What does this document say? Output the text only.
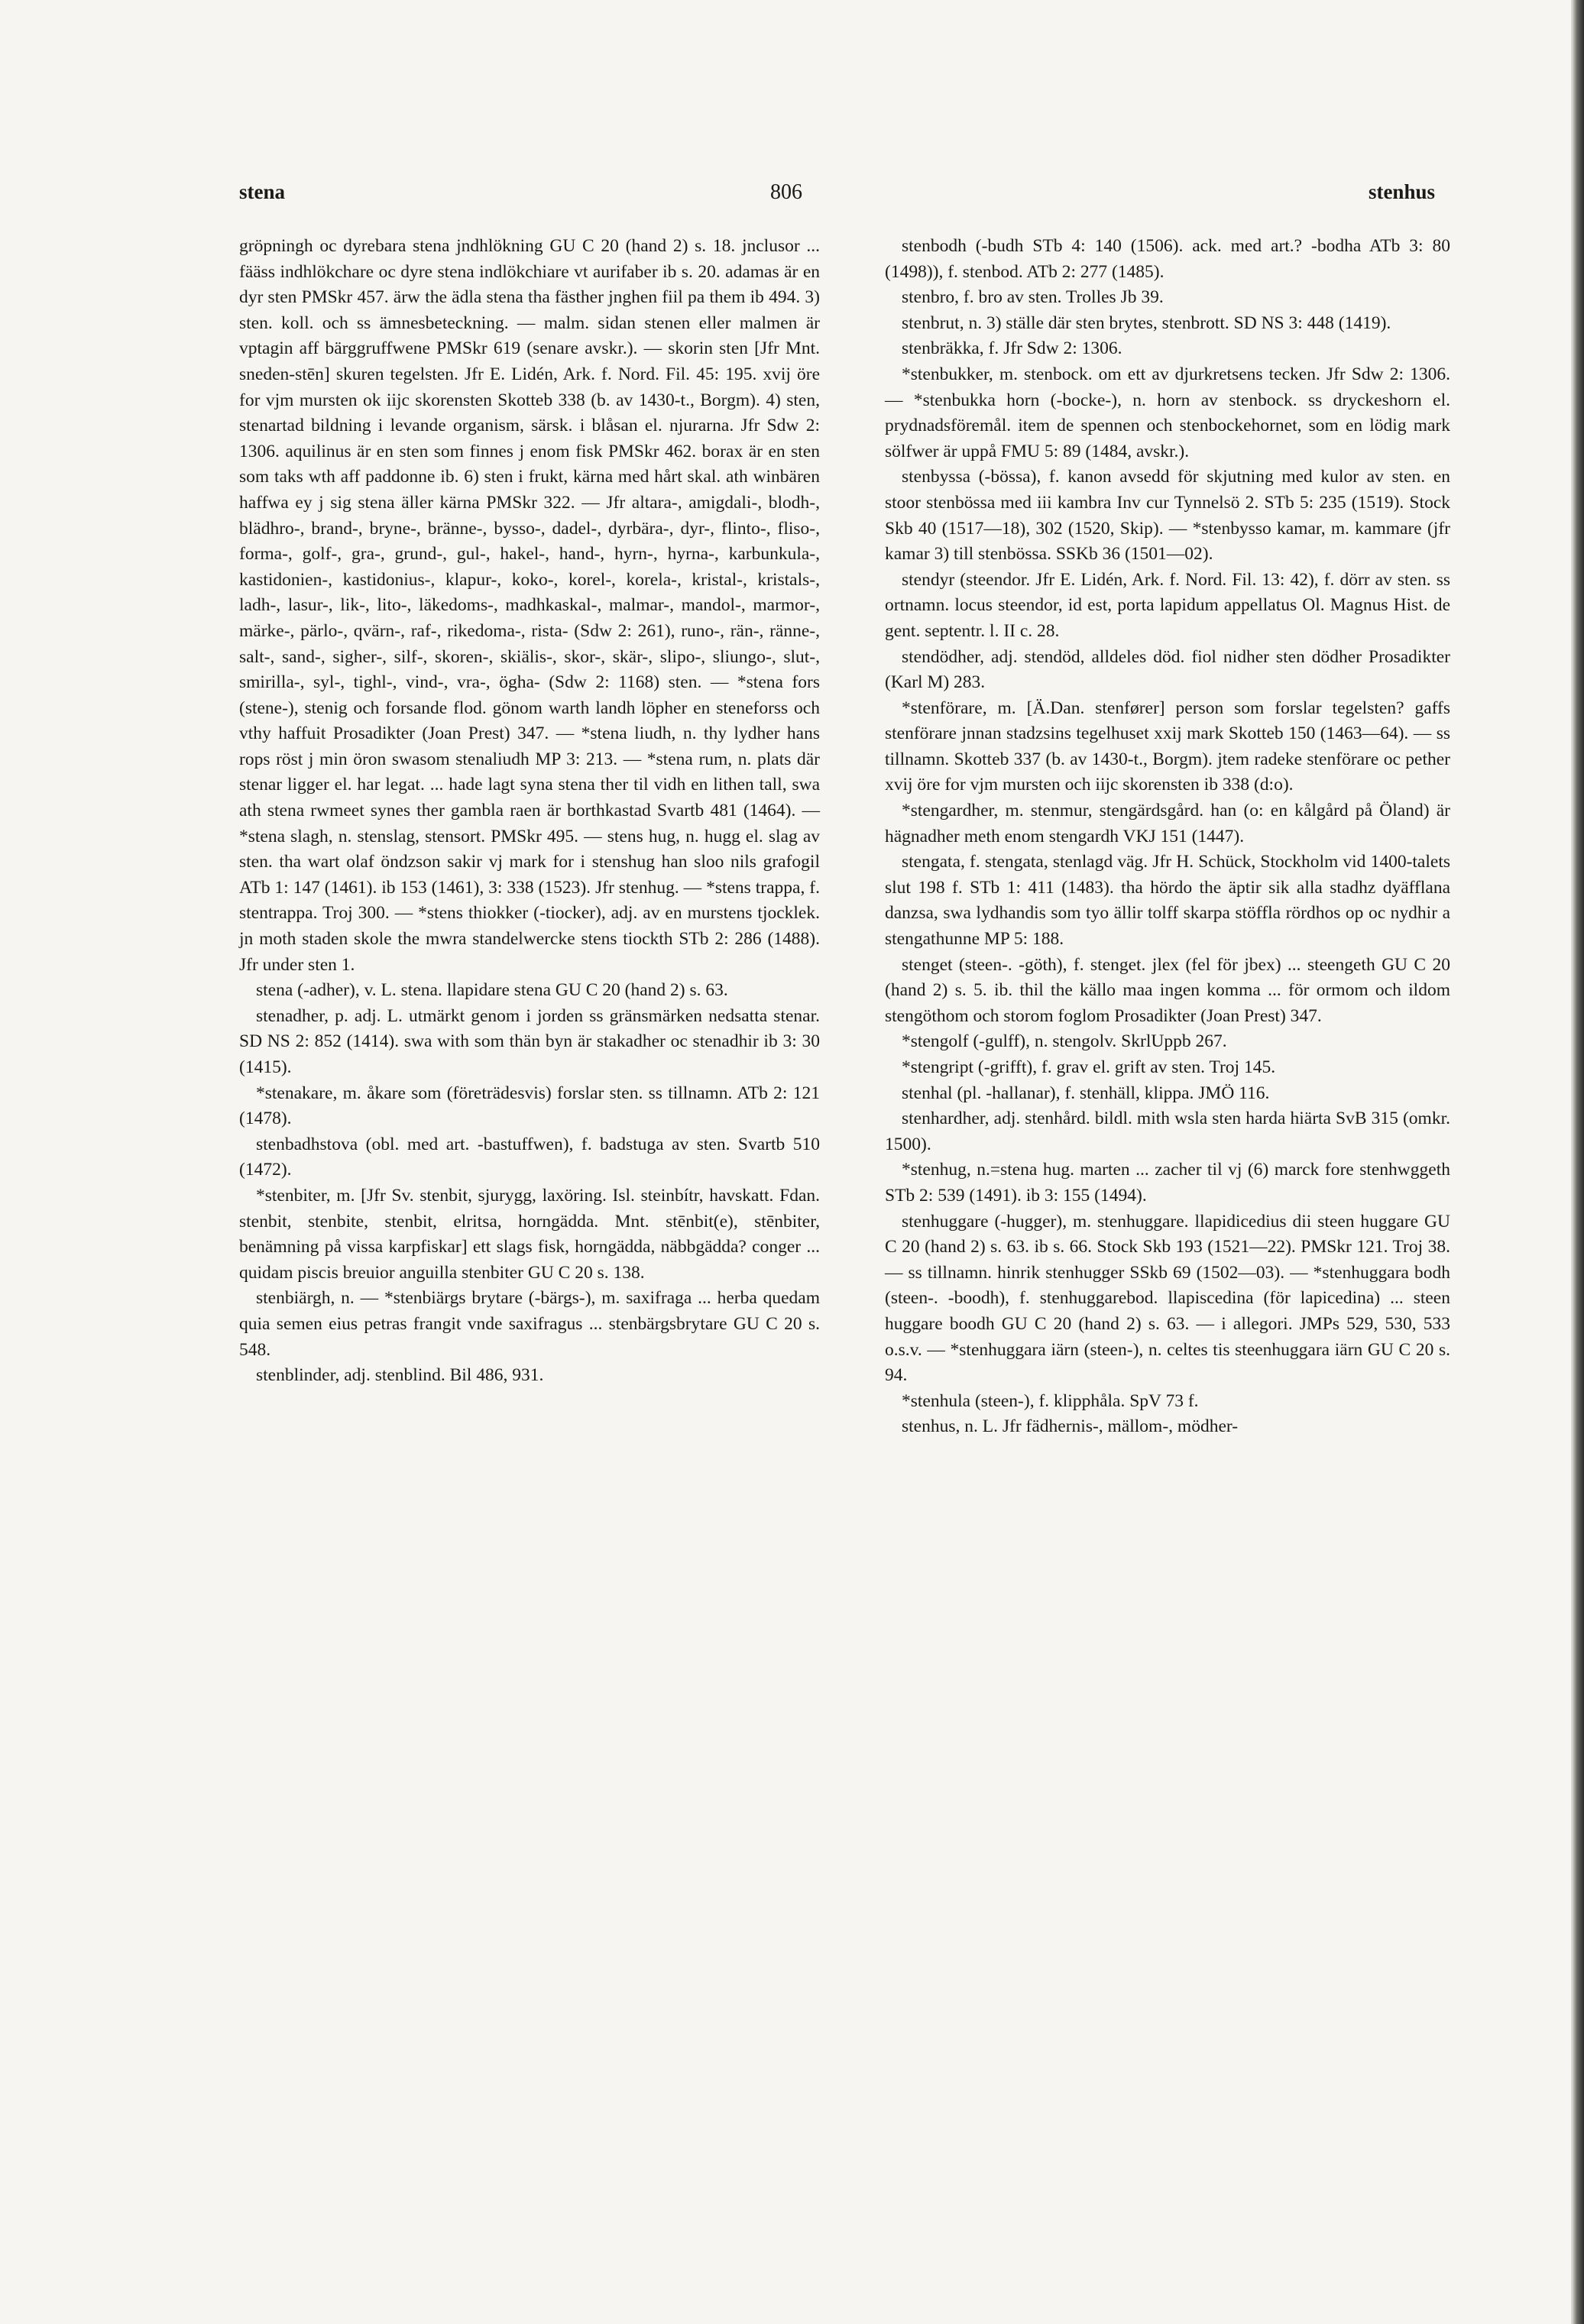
stena	806	stenhus

gröpningh oc dyrebara stena jndhlökning GU C 20 (hand 2) s. 18. jnclusor ... fääss indhlökchare oc dyre stena indlökchiare vt aurifaber ib s. 20. adamas är en dyr sten PMSkr 457. ärw the ädla stena tha fästher jnghen fiil pa them ib 494. 3) sten. koll. och ss ämnesbeteckning. — malm. sidan stenen eller malmen är vptagin aff bärggruffwene PMSkr 619 (senare avskr.). — skorin sten [Jfr Mnt. sneden-stēn] skuren tegelsten. Jfr E. Lidén, Ark. f. Nord. Fil. 45: 195. xvij öre for vjm mursten ok iijc skorensten Skotteb 338 (b. av 1430-t., Borgm). 4) sten, stenartad bildning i levande organism, särsk. i blåsan el. njurarna. Jfr Sdw 2: 1306. aquilinus är en sten som finnes j enom fisk PMSkr 462. borax är en sten som taks wth aff paddonne ib. 6) sten i frukt, kärna med hårt skal. ath winbären haffwa ey j sig stena äller kärna PMSkr 322. — Jfr altara-, amigdali-, blodh-, blädhro-, brand-, bryne-, bränne-, bysso-, dadel-, dyrbära-, dyr-, flinto-, fliso-, forma-, golf-, gra-, grund-, gul-, hakel-, hand-, hyrn-, hyrna-, karbunkula-, kastidonien-, kastidonius-, klapur-, koko-, korel-, korela-, kristal-, kristals-, ladh-, lasur-, lik-, lito-, läkedoms-, madhkaskal-, malmar-, mandol-, marmor-, märke-, pärlo-, qvärn-, raf-, rikedoma-, rista- (Sdw 2: 261), runo-, rän-, ränne-, salt-, sand-, sigher-, silf-, skoren-, skiälis-, skor-, skär-, slipo-, sliungo-, slut-, smirilla-, syl-, tighl-, vind-, vra-, ögha- (Sdw 2: 1168) sten. — *stena fors (stene-), stenig och forsande flod. gönom warth landh löpher en steneforss och vthy haffuit Prosadikter (Joan Prest) 347. — *stena liudh, n. thy lydher hans rops röst j min öron swasom stenaliudh MP 3: 213. — *stena rum, n. plats där stenar ligger el. har legat. ... hade lagt syna stena ther til vidh en lithen tall, swa ath stena rwmeet synes ther gambla raen är borthkastad Svartb 481 (1464). — *stena slagh, n. stenslag, stensort. PMSkr 495. — stens hug, n. hugg el. slag av sten. tha wart olaf öndzson sakir vj mark for i stenshug han sloo nils grafogil ATb 1: 147 (1461). ib 153 (1461), 3: 338 (1523). Jfr stenhug. — *stens trappa, f. stentrappa. Troj 300. — *stens thiokker (-tiocker), adj. av en murstens tjocklek. jn moth staden skole the mwra standelwercke stens tiockth STb 2: 286 (1488). Jfr under sten 1.

stena (-adher), v. L. stena. llapidare stena GU C 20 (hand 2) s. 63.

stenadher, p. adj. L. utmärkt genom i jorden ss gränsmärken nedsatta stenar. SD NS 2: 852 (1414). swa with som thän byn är stakadher oc stenadhir ib 3: 30 (1415).

*stenakare, m. åkare som (företrädesvis) forslar sten. ss tillnamn. ATb 2: 121 (1478).

stenbadhstova (obl. med art. -bastuffwen), f. badstuga av sten. Svartb 510 (1472).

*stenbiter, m. [Jfr Sv. stenbit, sjurygg, laxöring. Isl. steinbítr, havskatt. Fdan. stenbit, stenbite, stenbit, elritsa, horngädda. Mnt. stēnbit(e), stēnbiter, benämning på vissa karpfiskar] ett slags fisk, horngädda, näbbgädda? conger ... quidam piscis breuior anguilla stenbiter GU C 20 s. 138.

stenbiärgh, n. — *stenbiärgs brytare (-bärgs-), m. saxifraga ... herba quedam quia semen eius petras frangit vnde saxifragus ... stenbärgsbrytare GU C 20 s. 548.

stenblinder, adj. stenblind. Bil 486, 931.

stenbodh (-budh STb 4: 140 (1506). ack. med art.? -bodha ATb 3: 80 (1498)), f. stenbod. ATb 2: 277 (1485).

stenbro, f. bro av sten. Trolles Jb 39.

stenbrut, n. 3) ställe där sten brytes, stenbrott. SD NS 3: 448 (1419).

stenbräkka, f. Jfr Sdw 2: 1306.

*stenbukker, m. stenbock. om ett av djurkretsens tecken. Jfr Sdw 2: 1306. — *stenbukka horn (-bocke-), n. horn av stenbock. ss dryckeshorn el. prydnadsföremål. item de spennen och stenbockehornet, som en lödig mark sölfwer är uppå FMU 5: 89 (1484, avskr.).

stenbyssa (-bössa), f. kanon avsedd för skjutning med kulor av sten. en stoor stenbössa med iii kambra Inv cur Tynnelsö 2. STb 5: 235 (1519). Stock Skb 40 (1517—18), 302 (1520, Skip). — *stenbysso kamar, m. kammare (jfr kamar 3) till stenbössa. SSKb 36 (1501—02).

stendyr (steendor. Jfr E. Lidén, Ark. f. Nord. Fil. 13: 42), f. dörr av sten. ss ortnamn. locus steendor, id est, porta lapidum appellatus Ol. Magnus Hist. de gent. septentr. l. II c. 28.

stendödher, adj. stendöd, alldeles död. fiol nidher sten dödher Prosadikter (Karl M) 283.

*stenförare, m. [Ä.Dan. stenfører] person som forslar tegelsten? gaffs stenförare jnnan stadzsins tegelhuset xxij mark Skotteb 150 (1463—64). — ss tillnamn. Skotteb 337 (b. av 1430-t., Borgm). jtem radeke stenförare oc pether xvij öre for vjm mursten och iijc skorensten ib 338 (d:o).

*stengardher, m. stenmur, stengärdsgård. han (o: en kålgård på Öland) är hägnadher meth enom stengardh VKJ 151 (1447).

stengata, f. stengata, stenlagd väg. Jfr H. Schück, Stockholm vid 1400-talets slut 198 f. STb 1: 411 (1483). tha hördo the äptir sik alla stadhz dyäfflana danzsa, swa lydhandis som tyo ällir tolff skarpa stöffla rördhos op oc nydhir a stengathunne MP 5: 188.

stenget (steen-. -göth), f. stenget. jlex (fel för jbex) ... steengeth GU C 20 (hand 2) s. 5. ib. thil the källo maa ingen komma ... för ormom och ildom stengöthom och storom foglom Prosadikter (Joan Prest) 347.

*stengolf (-gulff), n. stengolv. SkrlUppb 267.

*stengript (-grifft), f. grav el. grift av sten. Troj 145.

stenhal (pl. -hallanar), f. stenhäll, klippa. JMÖ 116.

stenhardher, adj. stenhård. bildl. mith wsla sten harda hiärta SvB 315 (omkr. 1500).

*stenhug, n.=stena hug. marten ... zacher til vj (6) marck fore stenhwggeth STb 2: 539 (1491). ib 3: 155 (1494).

stenhuggare (-hugger), m. stenhuggare. llapidicedius dii steen huggare GU C 20 (hand 2) s. 63. ib s. 66. Stock Skb 193 (1521—22). PMSkr 121. Troj 38. — ss tillnamn. hinrik stenhugger SSkb 69 (1502—03). — *stenhuggara bodh (steen-. -boodh), f. stenhuggarebod. llapiscedina (för lapicedina) ... steen huggare boodh GU C 20 (hand 2) s. 63. — i allegori. JMPs 529, 530, 533 o.s.v. — *stenhuggara iärn (steen-), n. celtes tis steenhuggara iärn GU C 20 s. 94.

*stenhula (steen-), f. klipphåla. SpV 73 f.

stenhus, n. L. Jfr fädhernis-, mällom-, mödher-
